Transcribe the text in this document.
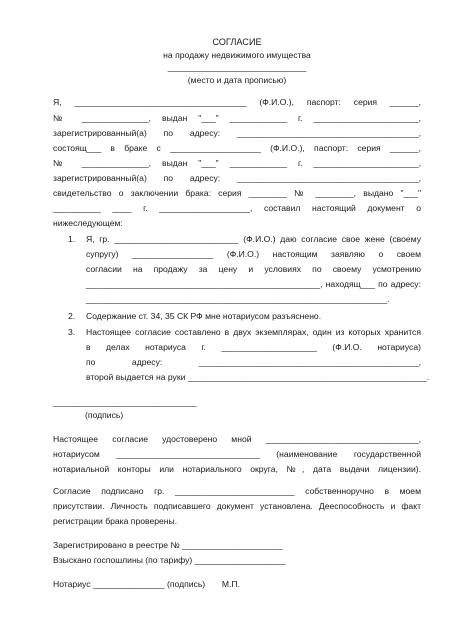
СОГЛАСИЕ
на продажу недвижимого имущества
_____________________________
(место и дата прописью)
Я, ____________________________________ (Ф.И.О.), паспорт: серия ______,
№ ______________, выдан "___" ____________ г. ______________________,
зарегистрированный(а) по адресу: ______________________________________,
состоящ___ в браке с ___________________ (Ф.И.О.), паспорт: серия ______,
№ ______________, выдан "___" ____________ г. ______________________,
зарегистрированный(а) по адресу: ______________________________________,
свидетельство о заключении брака: серия ________ № ________, выдано "___"
__________ ____ г. ___________________, составил настоящий документ о
нижеследующем:
1. Я, гр. __________________________ (Ф.И.О.) даю согласие свое жене (своему
супругу) _________________ (Ф.И.О.) настоящим заявляю о своем
согласии на продажу за цену и условиях по своему усмотрению
_________________________________________________, находящ___ по адресу:
_______________________________________________________________.
2. Содержание ст. 34, 35 СК РФ мне нотариусом разъяснено.
3. Настоящее согласие составлено в двух экземплярах, один из которых хранится
в делах нотариуса г. ____________________ (Ф.И.О. нотариуса)
по адресу: ______________________________________________,
второй выдается на руки __________________________________________________.
______________________________
(подпись)
Настоящее согласие удостоверено мной ________________________________,
нотариусом ______________________________ (наименование государственной
нотариальной конторы или нотариального округа, №, дата выдачи лицензии).
Согласие подписано гр. _________________________ собственноручно в моем
присутствии. Личность подписавшего документ установлена. Дееспособность и факт
регистрации брака проверены.
Зарегистрировано в реестре № _____________________
Взыскано госпошлины (по тарифу) ___________________
Нотариус _______________ (подпись)       М.П.
